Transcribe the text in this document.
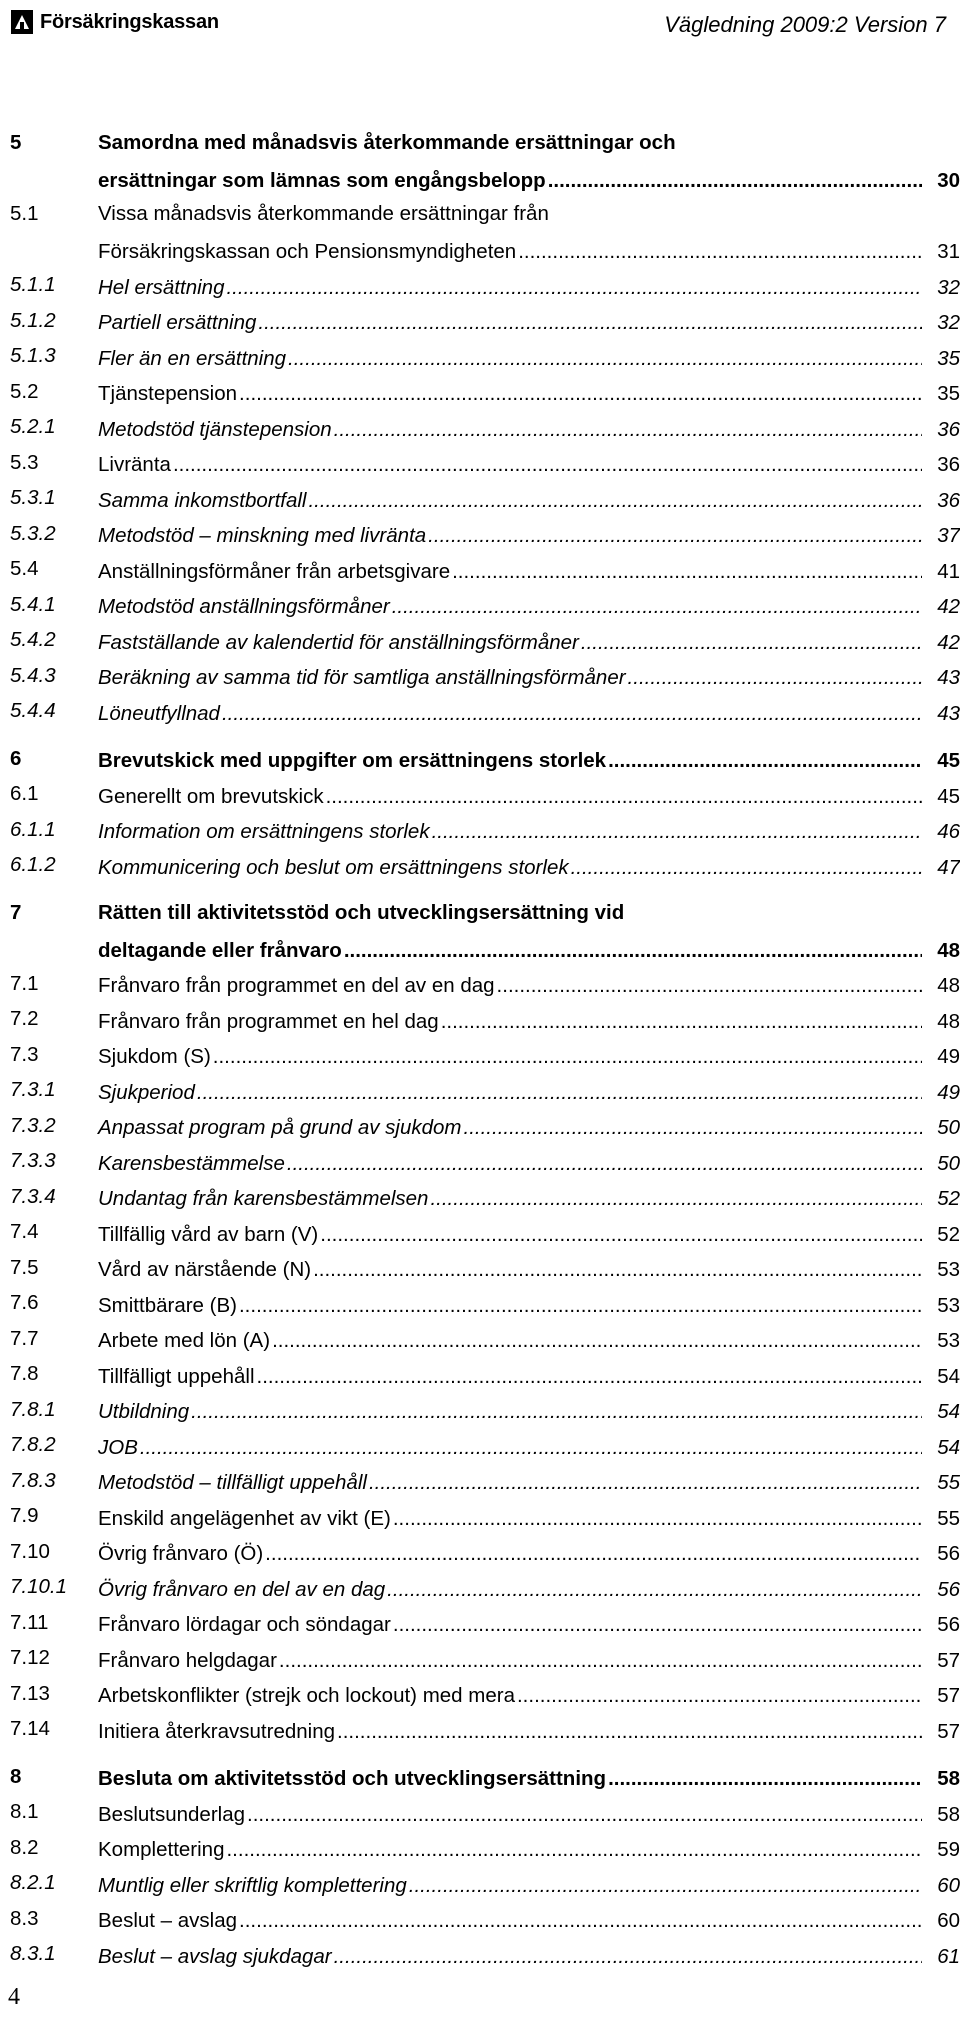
Försäkringskassan	Vägledning 2009:2 Version 7
5	Samordna med månadsvis återkommande ersättningar och
ersättningar som lämnas som engångsbelopp .....	30
5.1	Vissa månadsvis återkommande ersättningar från
Försäkringskassan och Pensionsmyndigheten .....	31
5.1.1 Hel ersättning .....	32
5.1.2 Partiell ersättning .....	32
5.1.3 Fler än en ersättning .....	35
5.2	Tjänstepension .....	35
5.2.1 Metodstöd tjänstepension .....	36
5.3	Livränta .....	36
5.3.1 Samma inkomstbortfall .....	36
5.3.2 Metodstöd – minskning med livränta .....	37
5.4	Anställningsförmåner från arbetsgivare .....	41
5.4.1 Metodstöd anställningsförmåner .....	42
5.4.2 Fastställande av kalendertid för anställningsförmåner .....	42
5.4.3 Beräkning av samma tid för samtliga anställningsförmåner .....	43
5.4.4 Löneutfyllnad .....	43
6	Brevutskick med uppgifter om ersättningens storlek .....	45
6.1	Generellt om brevutskick .....	45
6.1.1 Information om ersättningens storlek .....	46
6.1.2 Kommunicering och beslut om ersättningens storlek .....	47
7	Rätten till aktivitetsstöd och utvecklingsersättning vid
deltagande eller frånvaro .....	48
7.1	Frånvaro från programmet en del av en dag .....	48
7.2	Frånvaro från programmet en hel dag .....	48
7.3	Sjukdom (S) .....	49
7.3.1 Sjukperiod .....	49
7.3.2 Anpassat program på grund av sjukdom .....	50
7.3.3 Karensbestämmelse .....	50
7.3.4 Undantag från karensbestämmelsen .....	52
7.4	Tillfällig vård av barn (V) .....	52
7.5	Vård av närstående (N) .....	53
7.6	Smittbärare (B) .....	53
7.7	Arbete med lön (A) .....	53
7.8	Tillfälligt uppehåll .....	54
7.8.1 Utbildning .....	54
7.8.2 JOB .....	54
7.8.3 Metodstöd – tillfälligt uppehåll .....	55
7.9	Enskild angelägenhet av vikt (E) .....	55
7.10 Övrig frånvaro (Ö) .....	56
7.10.1 Övrig frånvaro en del av en dag .....	56
7.11 Frånvaro lördagar och söndagar .....	56
7.12 Frånvaro helgdagar .....	57
7.13 Arbetskonflikter (strejk och lockout) med mera .....	57
7.14 Initiera återkravsutredning .....	57
8	Besluta om aktivitetsstöd och utvecklingsersättning .....	58
8.1	Beslutsunderlag .....	58
8.2	Komplettering .....	59
8.2.1 Muntlig eller skriftlig komplettering .....	60
8.3	Beslut – avslag .....	60
8.3.1 Beslut – avslag sjukdagar .....	61
4
